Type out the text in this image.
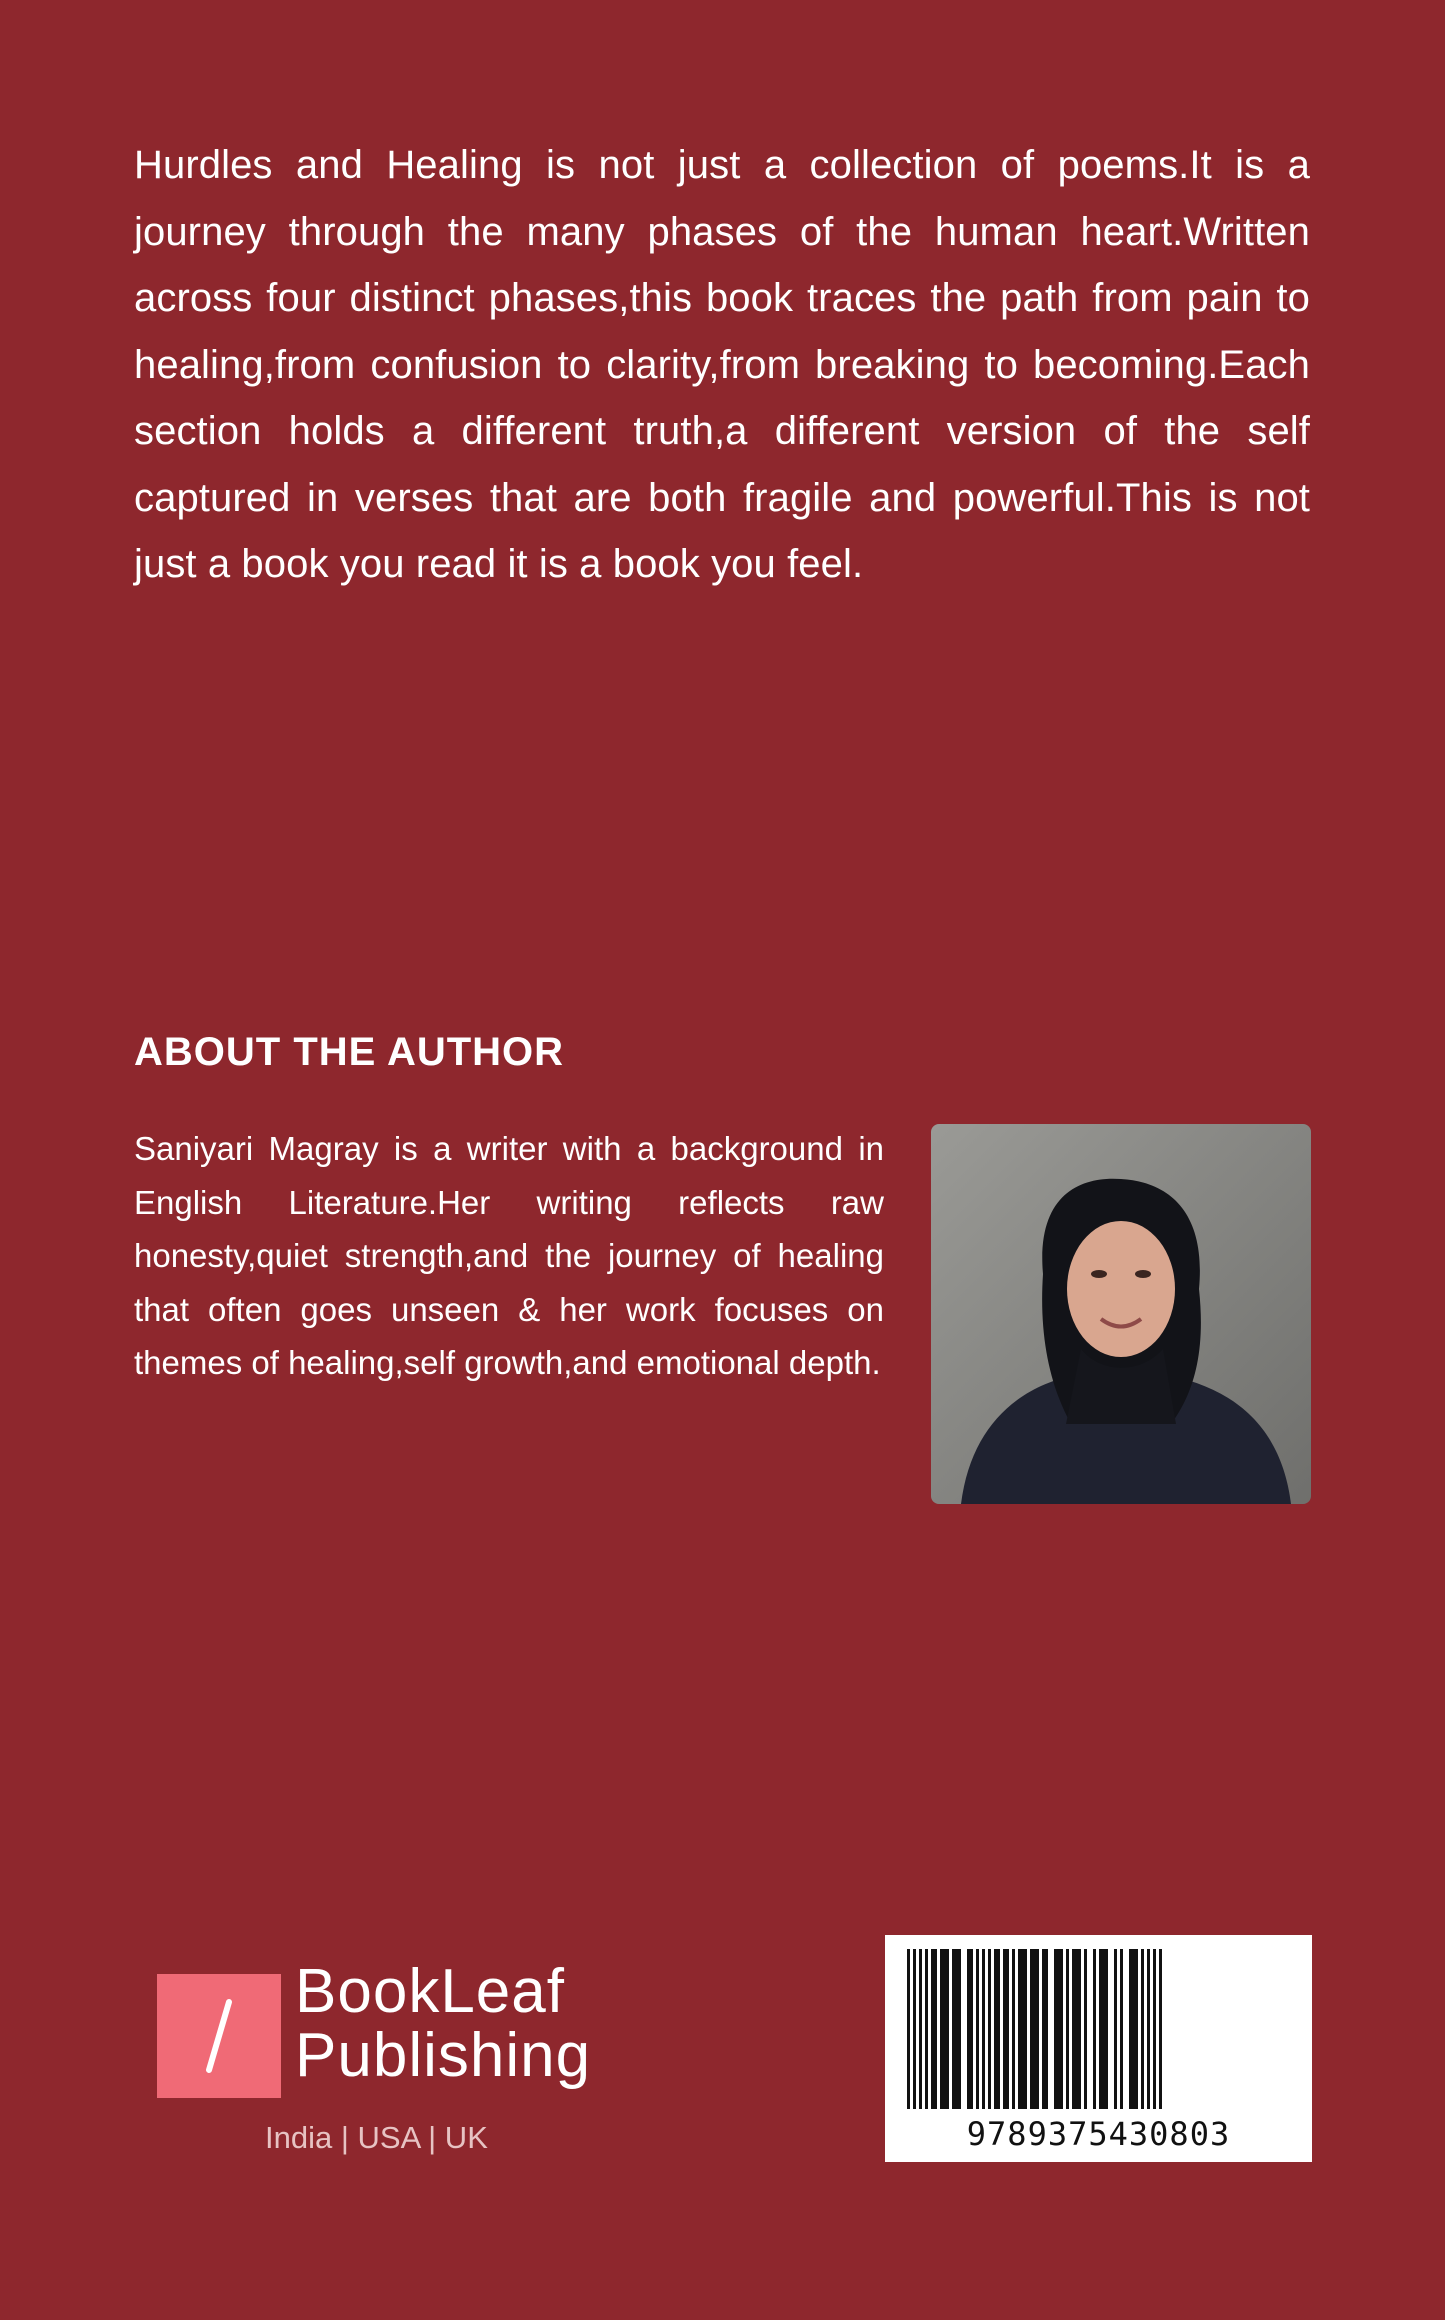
Hurdles and Healing is not just a collection of poems.It is a journey through the many phases of the human heart.Written across four distinct phases,this book traces the path from pain to healing,from confusion to clarity,from breaking to becoming.Each section holds a different truth,a different version of the self captured in verses that are both fragile and powerful.This is not just a book you read it is a book you feel.

ABOUT THE AUTHOR

Saniyari Magray is a writer with a background in English Literature.Her writing reflects raw honesty,quiet strength,and the journey of healing that often goes unseen & her work focuses on themes of healing,self growth,and emotional depth.

BookLeaf
Publishing
India | USA | UK	9789375430803
